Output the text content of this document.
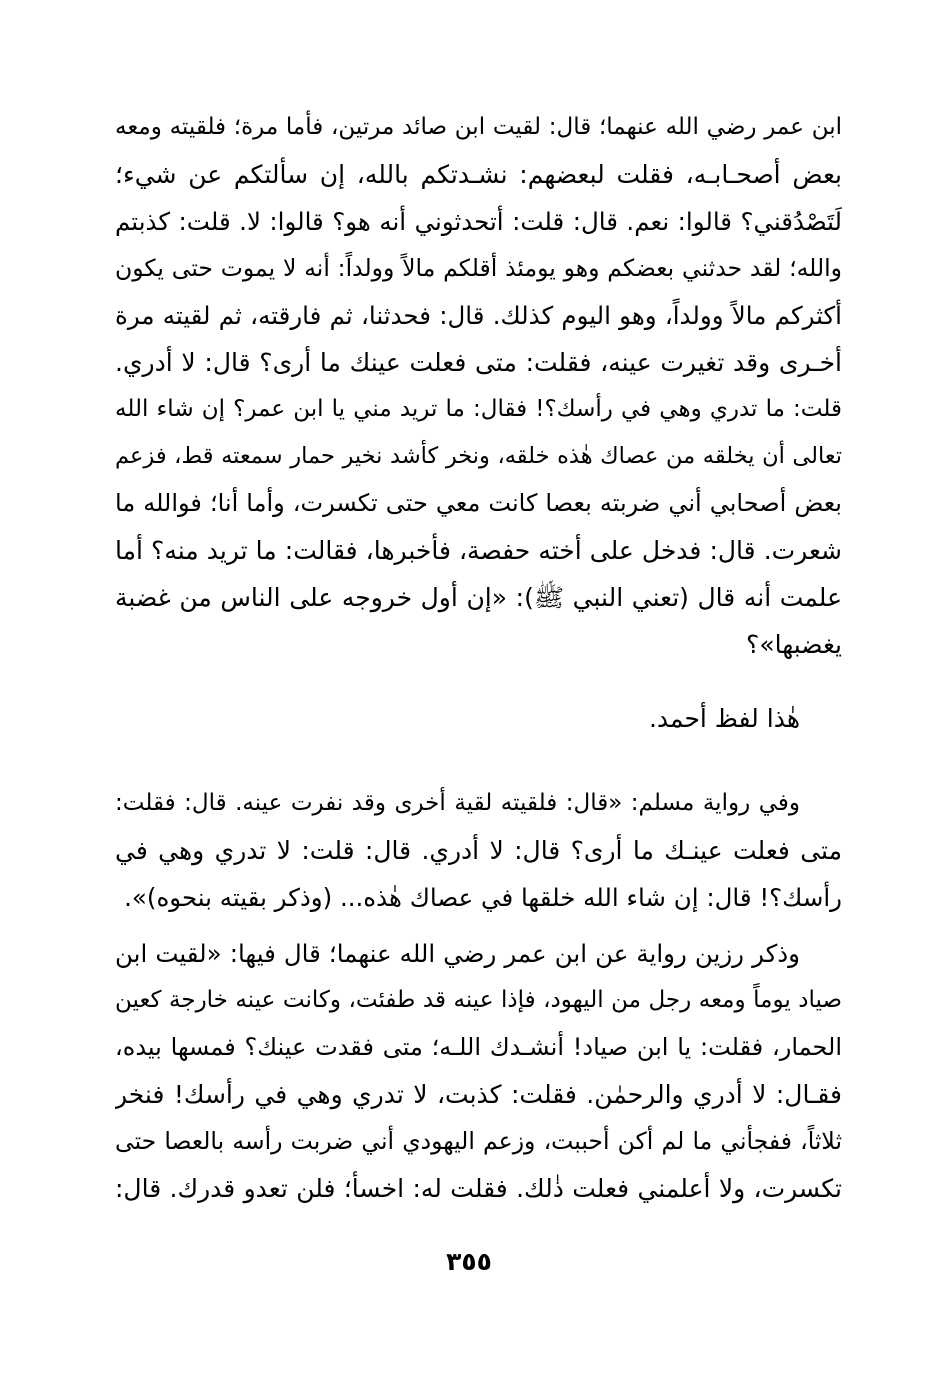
ابن عمر رضي الله عنهما؛ قال: لقيت ابن صائد مرتين، فأما مرة؛ فلقيته ومعه
بعض أصحـابـه، فقلت لبعضهم: نشـدتكم بالله، إن سألتكم عن شيء؛
لَتَصْدُقني؟ قالوا: نعم. قال: قلت: أتحدثوني أنه هو؟ قالوا: لا. قلت: كذبتم
والله؛ لقد حدثني بعضكم وهو يومئذ أقلكم مالاً وولداً: أنه لا يموت حتى يكون
أكثركم مالاً وولداً، وهو اليوم كذلك. قال: فحدثنا، ثم فارقته، ثم لقيته مرة
أخـرى وقد تغيرت عينه، فقلت: متى فعلت عينك ما أرى؟ قال: لا أدري.
قلت: ما تدري وهي في رأسك؟! فقال: ما تريد مني يا ابن عمر؟ إن شاء الله
تعالى أن يخلقه من عصاك هٰذه خلقه، ونخر كأشد نخير حمار سمعته قط، فزعم
بعض أصحابي أني ضربته بعصا كانت معي حتى تكسرت، وأما أنا؛ فوالله ما
شعرت. قال: فدخل على أخته حفصة، فأخبرها، فقالت: ما تريد منه؟ أما
علمت أنه قال (تعني النبي ﷺ): «إن أول خروجه على الناس من غضبة
يغضبها»؟
هٰذا لفظ أحمد.
وفي رواية مسلم: «قال: فلقيته لقية أخرى وقد نفرت عينه. قال: فقلت:
متى فعلت عينـك ما أرى؟ قال: لا أدري. قال: قلت: لا تدري وهي في
رأسك؟! قال: إن شاء الله خلقها في عصاك هٰذه... (وذكر بقيته بنحوه)».
وذكر رزين رواية عن ابن عمر رضي الله عنهما؛ قال فيها: «لقيت ابن
صياد يوماً ومعه رجل من اليهود، فإذا عينه قد طفئت، وكانت عينه خارجة كعين
الحمار، فقلت: يا ابن صياد! أنشـدك اللـه؛ متى فقدت عينك؟ فمسها بيده،
فقـال: لا أدري والرحمٰن. فقلت: كذبت، لا تدري وهي في رأسك! فنخر
ثلاثاً، ففجأني ما لم أكن أحببت، وزعم اليهودي أني ضربت رأسه بالعصا حتى
تكسرت، ولا أعلمني فعلت ذٰلك. فقلت له: اخسأ؛ فلن تعدو قدرك. قال:
٣٥٥
